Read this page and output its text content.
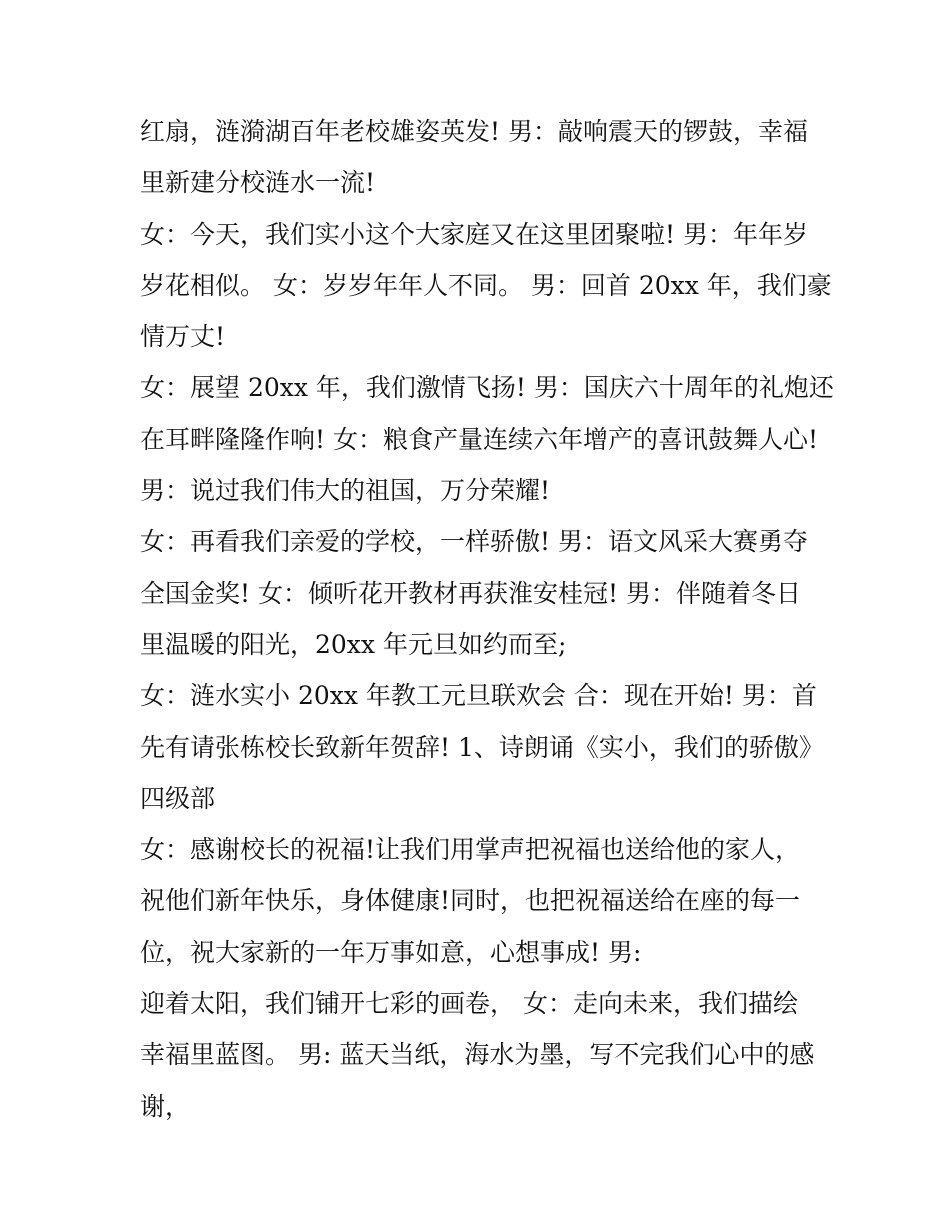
红扇，涟漪湖百年老校雄姿英发! 男：敲响震天的锣鼓，幸福
里新建分校涟水一流!
女：今天，我们实小这个大家庭又在这里团聚啦! 男：年年岁
岁花相似。 女：岁岁年年人不同。 男：回首 20xx 年，我们豪
情万丈!
女：展望 20xx 年，我们激情飞扬! 男：国庆六十周年的礼炮还
在耳畔隆隆作响! 女：粮食产量连续六年增产的喜讯鼓舞人心!
男：说过我们伟大的祖国，万分荣耀!
女：再看我们亲爱的学校，一样骄傲! 男：语文风采大赛勇夺
全国金奖! 女：倾听花开教材再获淮安桂冠! 男：伴随着冬日
里温暖的阳光，20xx 年元旦如约而至;
女：涟水实小 20xx 年教工元旦联欢会 合：现在开始! 男：首
先有请张栋校长致新年贺辞! 1、诗朗诵《实小，我们的骄傲》
四级部
女：感谢校长的祝福!让我们用掌声把祝福也送给他的家人，
祝他们新年快乐，身体健康!同时，也把祝福送给在座的每一
位，祝大家新的一年万事如意，心想事成! 男:
迎着太阳，我们铺开七彩的画卷， 女：走向未来，我们描绘
幸福里蓝图。 男: 蓝天当纸，海水为墨，写不完我们心中的感
谢，
